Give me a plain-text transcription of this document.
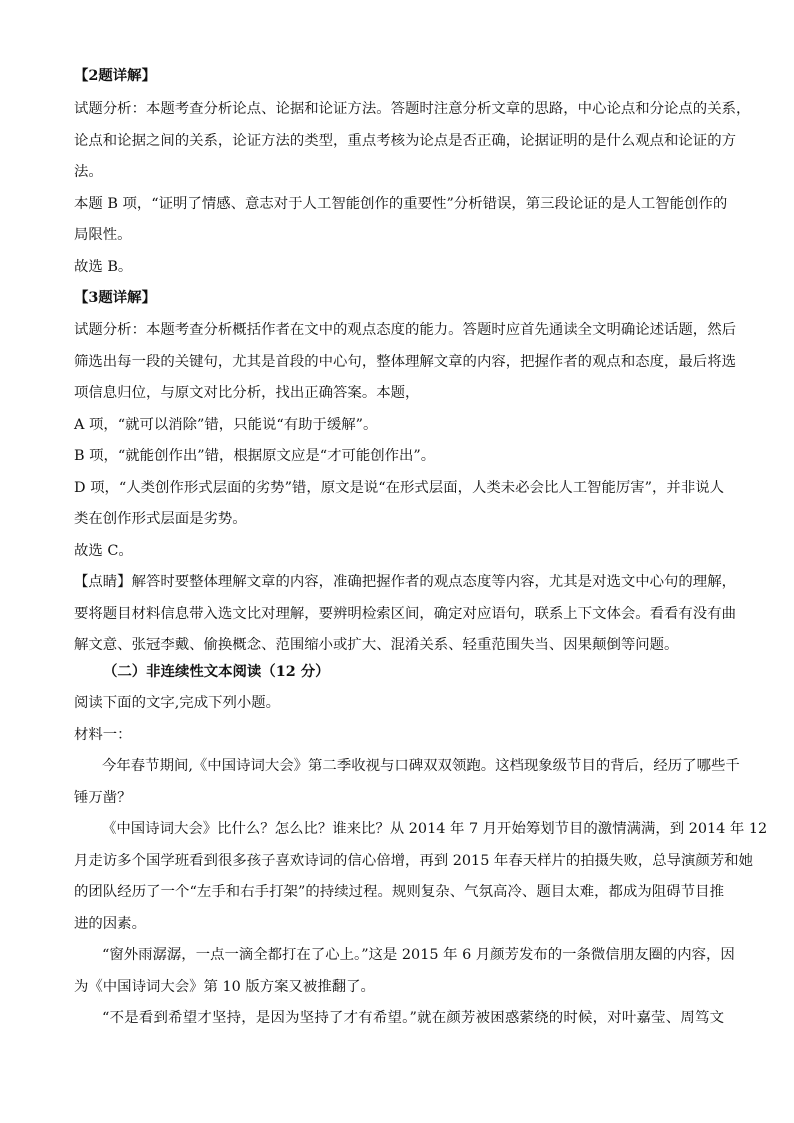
【2题详解】
试题分析：本题考查分析论点、论据和论证方法。答题时注意分析文章的思路，中心论点和分论点的关系，
论点和论据之间的关系，论证方法的类型，重点考核为论点是否正确，论据证明的是什么观点和论证的方
法。
本题 B 项，“证明了情感、意志对于人工智能创作的重要性”分析错误，第三段论证的是人工智能创作的
局限性。
故选 B。
【3题详解】
试题分析：本题考查分析概括作者在文中的观点态度的能力。答题时应首先通读全文明确论述话题，然后
筛选出每一段的关键句，尤其是首段的中心句，整体理解文章的内容，把握作者的观点和态度，最后将选
项信息归位，与原文对比分析，找出正确答案。本题，
A 项，“就可以消除”错，只能说“有助于缓解”。
B 项，“就能创作出”错，根据原文应是“才可能创作出”。
D 项，“人类创作形式层面的劣势”错，原文是说“在形式层面，人类未必会比人工智能厉害”，并非说人
类在创作形式层面是劣势。
故选 C。
【点睛】解答时要整体理解文章的内容，准确把握作者的观点态度等内容，尤其是对选文中心句的理解，
要将题目材料信息带入选文比对理解，要辨明检索区间，确定对应语句，联系上下文体会。看看有没有曲
解文意、张冠李戴、偷换概念、范围缩小或扩大、混淆关系、轻重范围失当、因果颠倒等问题。
（二）非连续性文本阅读（12 分）
阅读下面的文字,完成下列小题。
材料一：
今年春节期间,《中国诗词大会》第二季收视与口碑双双领跑。这档现象级节目的背后，经历了哪些千
锤万凿？
《中国诗词大会》比什么？怎么比？谁来比？从 2014 年 7 月开始筹划节目的激情满满，到 2014 年 12
月走访多个国学班看到很多孩子喜欢诗词的信心倍增，再到 2015 年春天样片的拍摄失败，总导演颜芳和她
的团队经历了一个“左手和右手打架”的持续过程。规则复杂、气氛高冷、题目太难，都成为阻碍节目推
进的因素。
“窗外雨潺潺，一点一滴全都打在了心上。”这是 2015 年 6 月颜芳发布的一条微信朋友圈的内容，因
为《中国诗词大会》第 10 版方案又被推翻了。
“不是看到希望才坚持，是因为坚持了才有希望。”就在颜芳被困惑萦绕的时候，对叶嘉莹、周笃文
